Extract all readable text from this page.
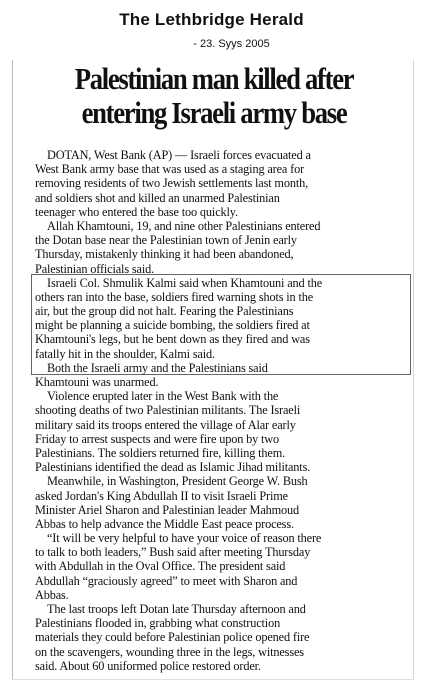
The Lethbridge Herald
- 23. Syys 2005
Palestinian man killed after
entering Israeli army base
DOTAN, West Bank (AP) — Israeli forces evacuated a
West Bank army base that was used as a staging area for
removing residents of two Jewish settlements last month,
and soldiers shot and killed an unarmed Palestinian
teenager who entered the base too quickly.
Allah Khamtouni, 19, and nine other Palestinians entered
the Dotan base near the Palestinian town of Jenin early
Thursday, mistakenly thinking it had been abandoned,
Palestinian officials said.
Israeli Col. Shmulik Kalmi said when Khamtouni and the
others ran into the base, soldiers fired warning shots in the
air, but the group did not halt. Fearing the Palestinians
might be planning a suicide bombing, the soldiers fired at
Khamtouni's legs, but he bent down as they fired and was
fatally hit in the shoulder, Kalmi said.
Both the Israeli army and the Palestinians said
Khamtouni was unarmed.
Violence erupted later in the West Bank with the
shooting deaths of two Palestinian militants. The Israeli
military said its troops entered the village of Alar early
Friday to arrest suspects and were fire upon by two
Palestinians. The soldiers returned fire, killing them.
Palestinians identified the dead as Islamic Jihad militants.
Meanwhile, in Washington, President George W. Bush
asked Jordan's King Abdullah II to visit Israeli Prime
Minister Ariel Sharon and Palestinian leader Mahmoud
Abbas to help advance the Middle East peace process.
“It will be very helpful to have your voice of reason there
to talk to both leaders,” Bush said after meeting Thursday
with Abdullah in the Oval Office. The president said
Abdullah “graciously agreed” to meet with Sharon and
Abbas.
The last troops left Dotan late Thursday afternoon and
Palestinians flooded in, grabbing what construction
materials they could before Palestinian police opened fire
on the scavengers, wounding three in the legs, witnesses
said. About 60 uniformed police restored order.
